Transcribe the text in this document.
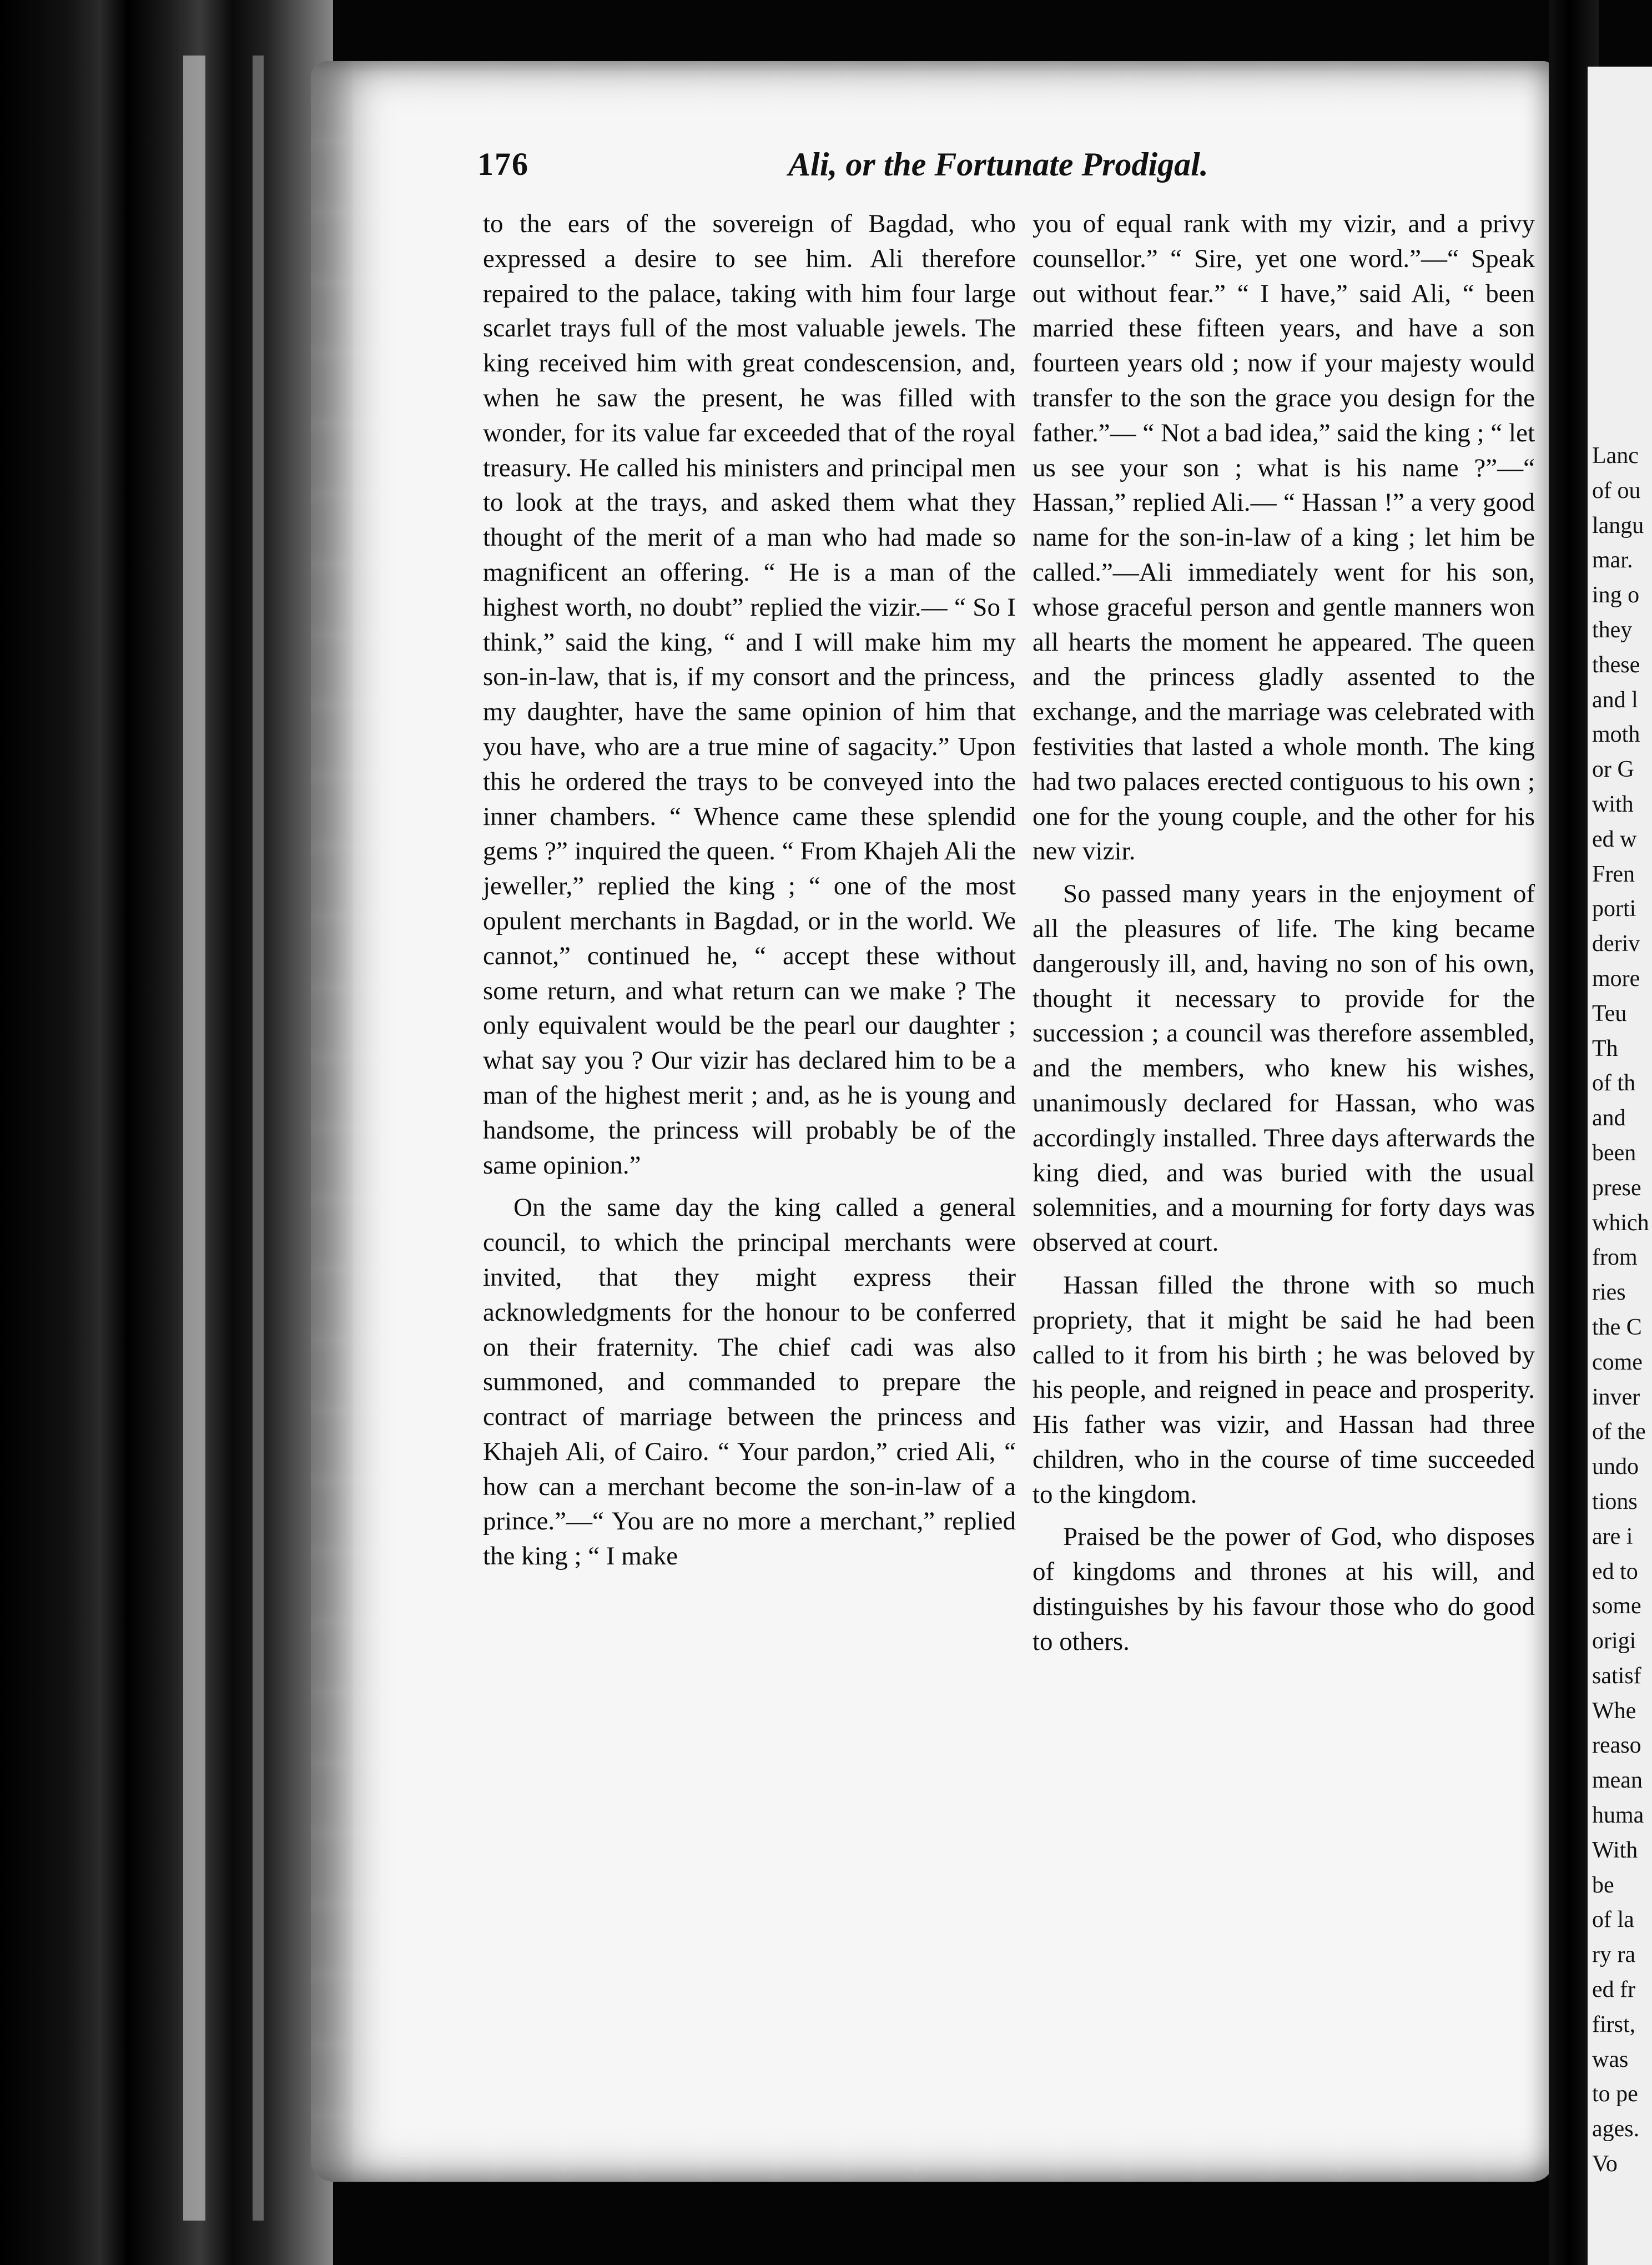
176	Ali, or the Fortunate Prodigal.

to the ears of the sovereign of Bagdad, who expressed a desire to see him. Ali therefore repaired to the palace, taking with him four large scarlet trays full of the most valuable jewels. The king received him with great condescension, and, when he saw the present, he was filled with wonder, for its value far exceeded that of the royal treasury. He called his ministers and principal men to look at the trays, and asked them what they thought of the merit of a man who had made so magnificent an offering. “ He is a man of the highest worth, no doubt” replied the vizir.— “ So I think,” said the king, “ and I will make him my son-in-law, that is, if my consort and the princess, my daughter, have the same opinion of him that you have, who are a true mine of sagacity.” Upon this he ordered the trays to be conveyed into the inner chambers. “ Whence came these splendid gems ?” inquired the queen. “ From Khajeh Ali the jeweller,” replied the king ; “ one of the most opulent merchants in Bagdad, or in the world. We cannot,” continued he, “ accept these without some return, and what return can we make ? The only equivalent would be the pearl our daughter ; what say you ? Our vizir has declared him to be a man of the highest merit ; and, as he is young and handsome, the princess will probably be of the same opinion.”

On the same day the king called a general council, to which the principal merchants were invited, that they might express their acknowledgments for the honour to be conferred on their fraternity. The chief cadi was also summoned, and commanded to prepare the contract of marriage between the princess and Khajeh Ali, of Cairo. “ Your pardon,” cried Ali, “ how can a merchant become the son-in-law of a prince.”—“ You are no more a merchant,” replied the king ; “ I make

you of equal rank with my vizir, and a privy counsellor.” “ Sire, yet one word.”—“ Speak out without fear.” “ I have,” said Ali, “ been married these fifteen years, and have a son fourteen years old ; now if your majesty would transfer to the son the grace you design for the father.”— “ Not a bad idea,” said the king ; “ let us see your son ; what is his name ?”—“ Hassan,” replied Ali.— “ Hassan !” a very good name for the son-in-law of a king ; let him be called.”—Ali immediately went for his son, whose graceful person and gentle manners won all hearts the moment he appeared. The queen and the princess gladly assented to the exchange, and the marriage was celebrated with festivities that lasted a whole month. The king had two palaces erected contiguous to his own ; one for the young couple, and the other for his new vizir.

So passed many years in the enjoyment of all the pleasures of life. The king became dangerously ill, and, having no son of his own, thought it necessary to provide for the succession ; a council was therefore assembled, and the members, who knew his wishes, unanimously declared for Hassan, who was accordingly installed. Three days afterwards the king died, and was buried with the usual solemnities, and a mourning for forty days was observed at court.

Hassan filled the throne with so much propriety, that it might be said he had been called to it from his birth ; he was beloved by his people, and reigned in peace and prosperity. His father was vizir, and Hassan had three children, who in the course of time succeeded to the kingdom.

Praised be the power of God, who disposes of kingdoms and thrones at his will, and distinguishes by his favour those who do good to others.

Lanc
of ou
langu
mar.
ing o
they
these
and l
moth
or G
with
ed w
Fren
porti
deriv
more
Teu
Th
of th
and
been
prese
which
from
ries
the C
come
inver
of the
undo
tions
are i
ed to
some
origi
satisf
Whe
reaso
mean
huma
With
be
of la
ry ra
ed fr
first,
was
to pe
ages.
Vo
